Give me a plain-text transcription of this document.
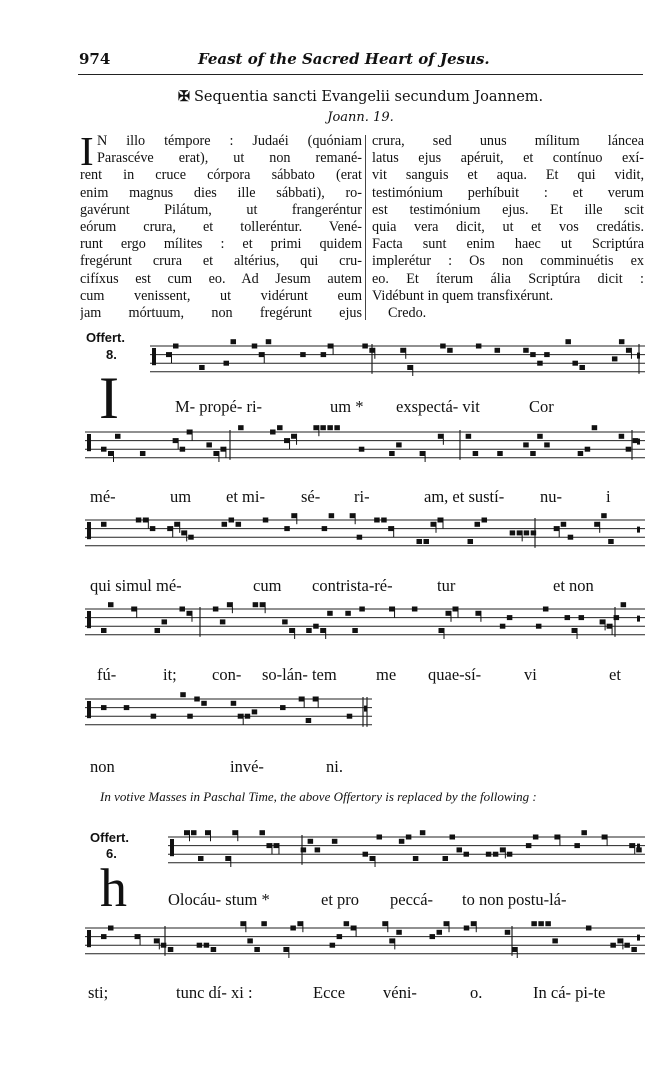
974	Feast of the Sacred Heart of Jesus.
✠ Sequentia sancti Evangelii secundum Joannem.
Joann. 19.
I N illo témpore : Judaéi (quóniam
Parascéve erat), ut non remané-
rent in cruce córpora sábbato (erat
enim magnus dies ille sábbati), ro-
gavérunt Pilátum, ut frangeréntur
eórum crura, et tolleréntur. Vené-
runt ergo mílites : et primi quidem
fregérunt crura et altérius, qui cru-
cifíxus est cum eo. Ad Jesum autem
cum venissent, ut vidérunt eum
jam mórtuum, non fregérunt ejus
crura, sed unus mílitum láncea
latus ejus apéruit, et contínuo exí-
vit sanguis et aqua. Et qui vidit,
testimónium perhíbuit : et verum
est testimónium ejus. Et ille scit
quia vera dicit, ut et vos credátis.
Facta sunt enim haec ut Scriptúra
implerétur : Os non comminuétis ex
eo. Et íterum ália Scriptúra dicit :
Vidébunt in quem transfixérunt.
Credo.
Offert.
8.
I	M- propé- ri-	um * exspectá- vit	Cor
mé-	um et mi- sé- ri-	am, et sustí- nu-	i
qui simul mé-	cum contrista-ré-	tur	et non
fú-	it; con- so-lán- tem me quae-sí-	vi	et
non	invé-	ni.
In votive Masses in Paschal Time, the above Offertory is replaced by the following :
Offert.
6.
h Olocáu- stum *	et pro peccá- to non postu-lá-
sti;	tunc dí- xi :	Ecce véni-	o.	In cá- pi-te
